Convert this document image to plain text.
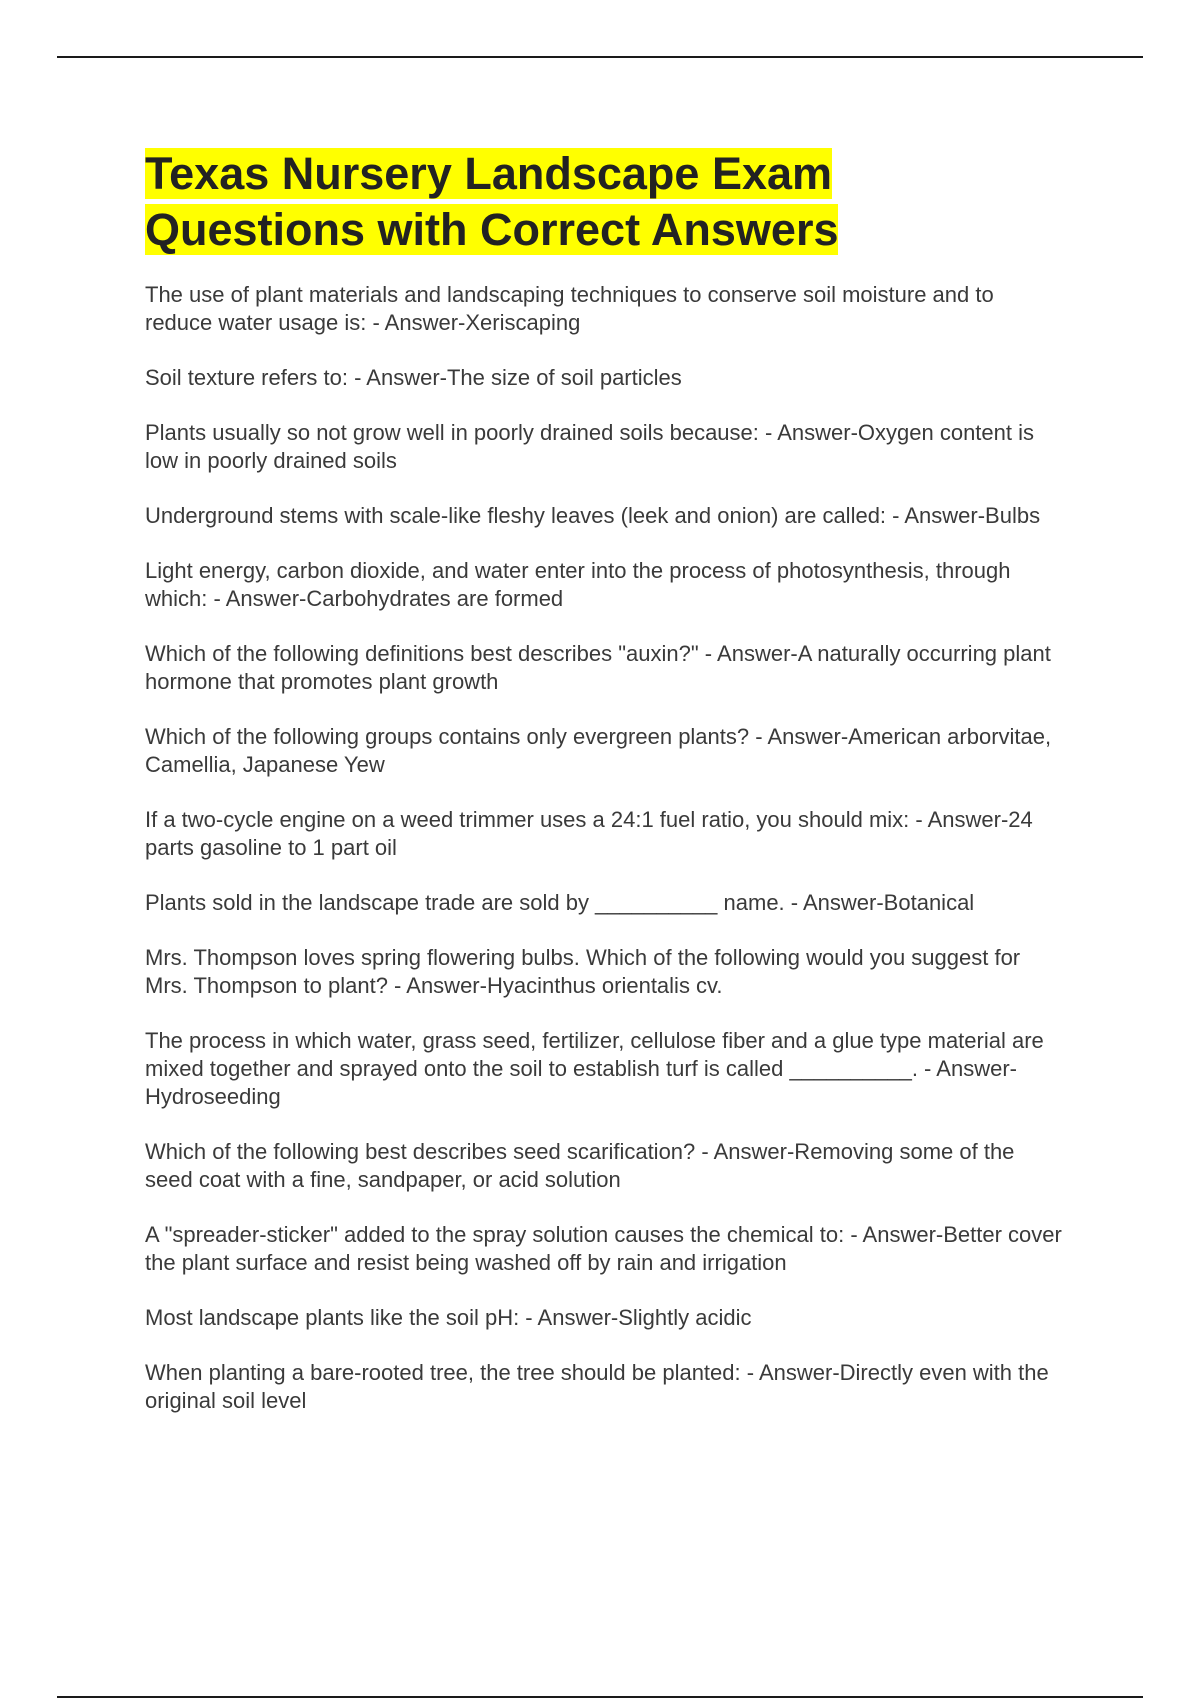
Texas Nursery Landscape Exam Questions with Correct Answers

The use of plant materials and landscaping techniques to conserve soil moisture and to reduce water usage is: - Answer-Xeriscaping

Soil texture refers to: - Answer-The size of soil particles

Plants usually so not grow well in poorly drained soils because: - Answer-Oxygen content is low in poorly drained soils

Underground stems with scale-like fleshy leaves (leek and onion) are called: - Answer-Bulbs

Light energy, carbon dioxide, and water enter into the process of photosynthesis, through which: - Answer-Carbohydrates are formed

Which of the following definitions best describes "auxin?" - Answer-A naturally occurring plant hormone that promotes plant growth

Which of the following groups contains only evergreen plants? - Answer-American arborvitae, Camellia, Japanese Yew

If a two-cycle engine on a weed trimmer uses a 24:1 fuel ratio, you should mix: - Answer-24 parts gasoline to 1 part oil

Plants sold in the landscape trade are sold by __________ name. - Answer-Botanical

Mrs. Thompson loves spring flowering bulbs. Which of the following would you suggest for Mrs. Thompson to plant? - Answer-Hyacinthus orientalis cv.

The process in which water, grass seed, fertilizer, cellulose fiber and a glue type material are mixed together and sprayed onto the soil to establish turf is called __________. - Answer-Hydroseeding

Which of the following best describes seed scarification? - Answer-Removing some of the seed coat with a fine, sandpaper, or acid solution

A "spreader-sticker" added to the spray solution causes the chemical to: - Answer-Better cover the plant surface and resist being washed off by rain and irrigation

Most landscape plants like the soil pH: - Answer-Slightly acidic

When planting a bare-rooted tree, the tree should be planted: - Answer-Directly even with the original soil level
